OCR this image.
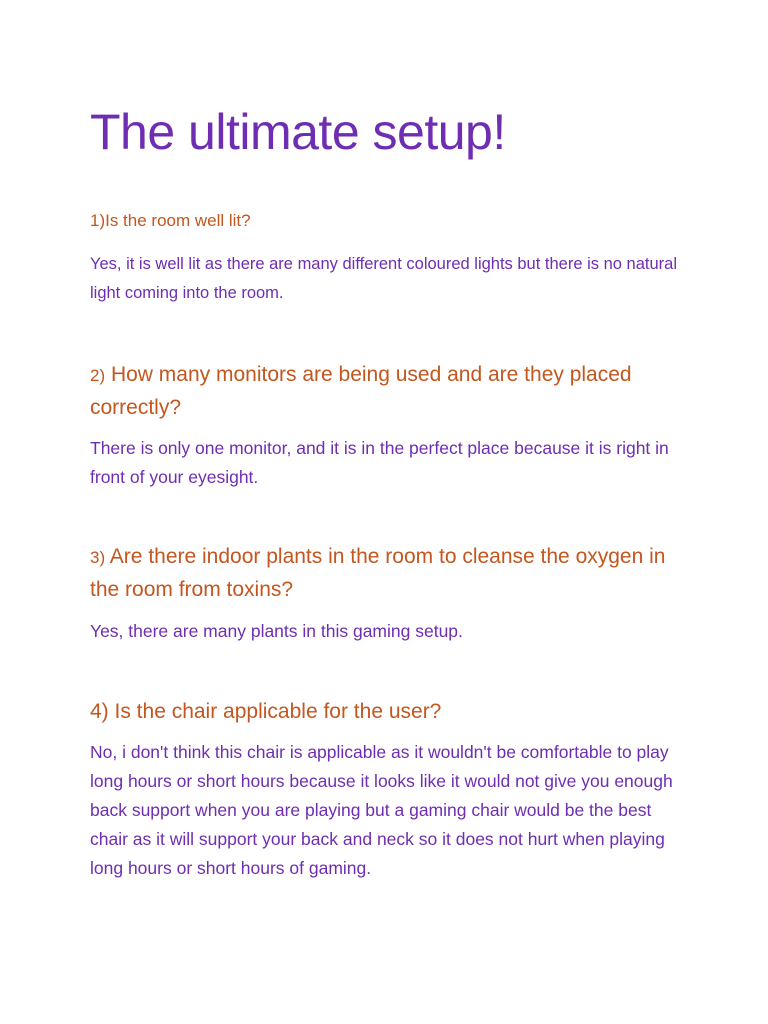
The ultimate setup!

1)Is the room well lit?

Yes, it is well lit as there are many different coloured lights but there is no natural light coming into the room.

2) How many monitors are being used and are they placed correctly?

There is only one monitor, and it is in the perfect place because it is right in front of your eyesight.

3) Are there indoor plants in the room to cleanse the oxygen in the room from toxins?

Yes, there are many plants in this gaming setup.

4) Is the chair applicable for the user?

No, i don't think this chair is applicable as it wouldn't be comfortable to play long hours or short hours because it looks like it would not give you enough back support when you are playing but a gaming chair would be the best chair as it will support your back and neck so it does not hurt when playing long hours or short hours of gaming.
